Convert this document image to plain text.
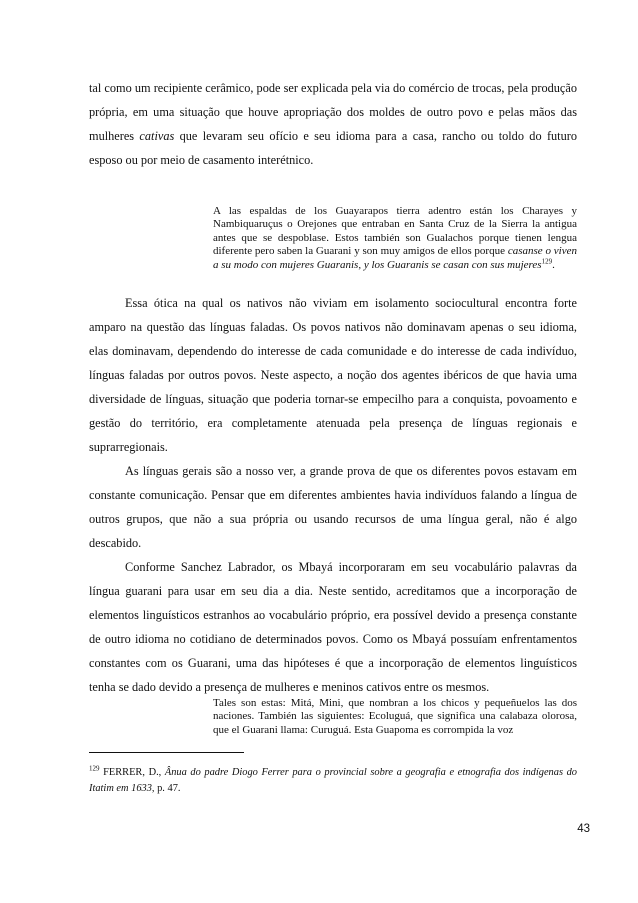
tal como um recipiente cerâmico, pode ser explicada pela via do comércio de trocas, pela produção própria, em uma situação que houve apropriação dos moldes de outro povo e pelas mãos das mulheres cativas que levaram seu ofício e seu idioma para a casa, rancho ou toldo do futuro esposo ou por meio de casamento interétnico.

A las espaldas de los Guayarapos tierra adentro están los Charayes y Nambiquaruçus o Orejones que entraban en Santa Cruz de la Sierra la antigua antes que se despoblase. Estos también son Gualachos porque tienen lengua diferente pero saben la Guarani y son muy amigos de ellos porque casanse o viven a su modo con mujeres Guaranis, y los Guaranis se casan con sus mujeres$^{129}$.

Essa ótica na qual os nativos não viviam em isolamento sociocultural encontra forte amparo na questão das línguas faladas. Os povos nativos não dominavam apenas o seu idioma, elas dominavam, dependendo do interesse de cada comunidade e do interesse de cada indivíduo, línguas faladas por outros povos. Neste aspecto, a noção dos agentes ibéricos de que havia uma diversidade de línguas, situação que poderia tornar-se empecilho para a conquista, povoamento e gestão do território, era completamente atenuada pela presença de línguas regionais e suprarregionais.

As línguas gerais são a nosso ver, a grande prova de que os diferentes povos estavam em constante comunicação. Pensar que em diferentes ambientes havia indivíduos falando a língua de outros grupos, que não a sua própria ou usando recursos de uma língua geral, não é algo descabido.

Conforme Sanchez Labrador, os Mbayá incorporaram em seu vocabulário palavras da língua guarani para usar em seu dia a dia. Neste sentido, acreditamos que a incorporação de elementos linguísticos estranhos ao vocabulário próprio, era possível devido a presença constante de outro idioma no cotidiano de determinados povos. Como os Mbayá possuíam enfrentamentos constantes com os Guarani, uma das hipóteses é que a incorporação de elementos linguísticos tenha se dado devido a presença de mulheres e meninos cativos entre os mesmos.

Tales son estas: Mitá, Mini, que nombran a los chicos y pequeñuelos las dos naciones. También las siguientes: Ecoluguá, que significa una calabaza olorosa, que el Guarani llama: Curuguá. Esta Guapoma es corrompida la voz

$^{129}$ FERRER, D., Ânua do padre Diogo Ferrer para o provincial sobre a geografia e etnografia dos indígenas do Itatim em 1633, p. 47.

43
